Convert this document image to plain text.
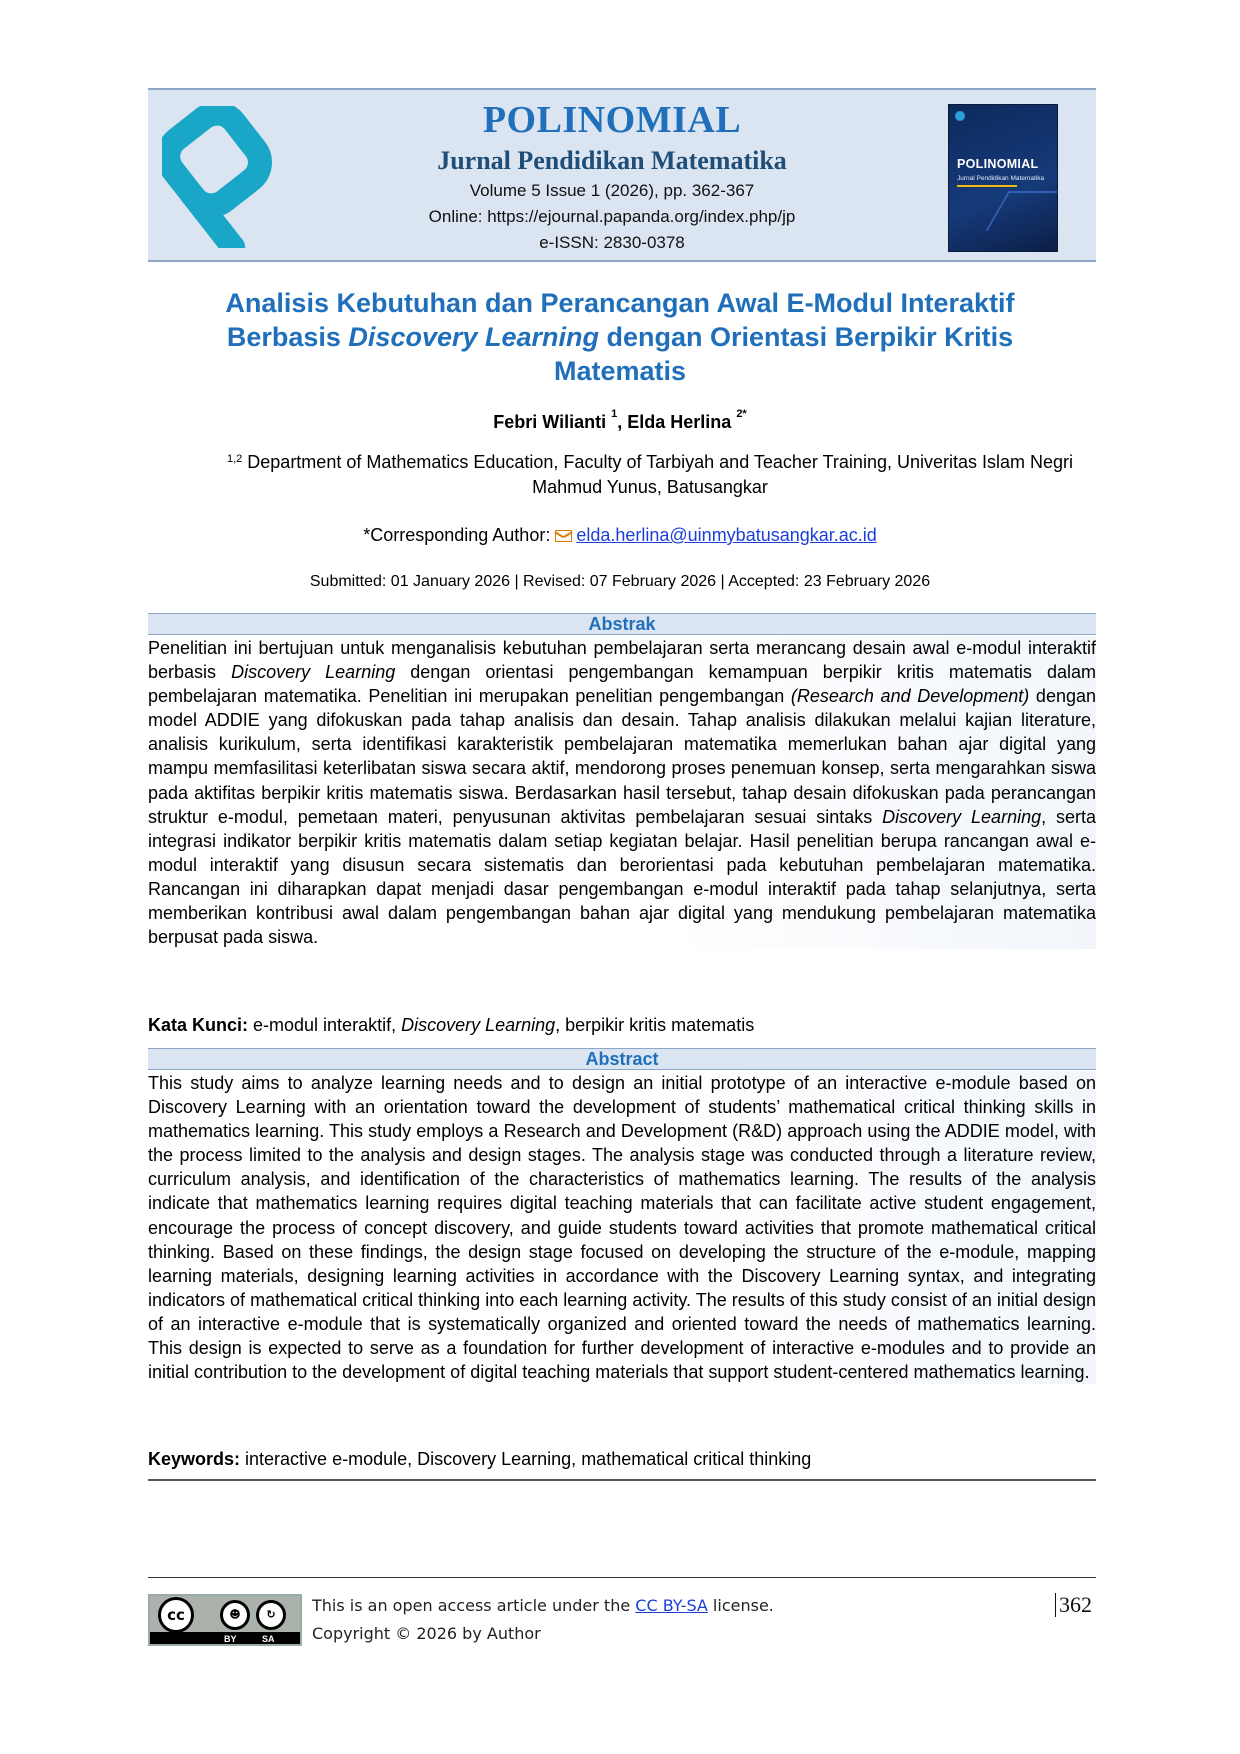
POLINOMIAL
Jurnal Pendidikan Matematika
Volume 5 Issue 1 (2026), pp. 362-367
Online: https://ejournal.papanda.org/index.php/jp
e-ISSN: 2830-0378
POLINOMIAL
Jurnal Pendidikan Matematika
Analisis Kebutuhan dan Perancangan Awal E-Modul Interaktif
Berbasis Discovery Learning dengan Orientasi Berpikir Kritis
Matematis
Febri Wilianti $^1$, Elda Herlina $^{2*}$
$^{1,2}$ Department of Mathematics Education, Faculty of Tarbiyah and Teacher Training, Univeritas Islam Negri Mahmud Yunus, Batusangkar
*Corresponding Author: elda.herlina@uinmybatusangkar.ac.id
Submitted: 01 January 2026 | Revised: 07 February 2026 | Accepted: 23 February 2026
Abstrak
Penelitian ini bertujuan untuk menganalisis kebutuhan pembelajaran serta merancang desain awal e-modul interaktif berbasis Discovery Learning dengan orientasi pengembangan kemampuan berpikir kritis matematis dalam pembelajaran matematika. Penelitian ini merupakan penelitian pengembangan (Research and Development) dengan model ADDIE yang difokuskan pada tahap analisis dan desain. Tahap analisis dilakukan melalui kajian literature, analisis kurikulum, serta identifikasi karakteristik pembelajaran matematika memerlukan bahan ajar digital yang mampu memfasilitasi keterlibatan siswa secara aktif, mendorong proses penemuan konsep, serta mengarahkan siswa pada aktifitas berpikir kritis matematis siswa. Berdasarkan hasil tersebut, tahap desain difokuskan pada perancangan struktur e-modul, pemetaan materi, penyusunan aktivitas pembelajaran sesuai sintaks Discovery Learning, serta integrasi indikator berpikir kritis matematis dalam setiap kegiatan belajar. Hasil penelitian berupa rancangan awal e-modul interaktif yang disusun secara sistematis dan berorientasi pada kebutuhan pembelajaran matematika. Rancangan ini diharapkan dapat menjadi dasar pengembangan e-modul interaktif pada tahap selanjutnya, serta memberikan kontribusi awal dalam pengembangan bahan ajar digital yang mendukung pembelajaran matematika berpusat pada siswa.
Kata Kunci: e-modul interaktif, Discovery Learning, berpikir kritis matematis
Abstract
This study aims to analyze learning needs and to design an initial prototype of an interactive e-module based on Discovery Learning with an orientation toward the development of students’ mathematical critical thinking skills in mathematics learning. This study employs a Research and Development (R&D) approach using the ADDIE model, with the process limited to the analysis and design stages. The analysis stage was conducted through a literature review, curriculum analysis, and identification of the characteristics of mathematics learning. The results of the analysis indicate that mathematics learning requires digital teaching materials that can facilitate active student engagement, encourage the process of concept discovery, and guide students toward activities that promote mathematical critical thinking. Based on these findings, the design stage focused on developing the structure of the e-module, mapping learning materials, designing learning activities in accordance with the Discovery Learning syntax, and integrating indicators of mathematical critical thinking into each learning activity. The results of this study consist of an initial design of an interactive e-module that is systematically organized and oriented toward the needs of mathematics learning. This design is expected to serve as a foundation for further development of interactive e-modules and to provide an initial contribution to the development of digital teaching materials that support student-centered mathematics learning.
Keywords: interactive e-module, Discovery Learning, mathematical critical thinking
cc	☻	↻
BY	SA
This is an open access article under the CC BY-SA license.
Copyright © 2026 by Author
362
